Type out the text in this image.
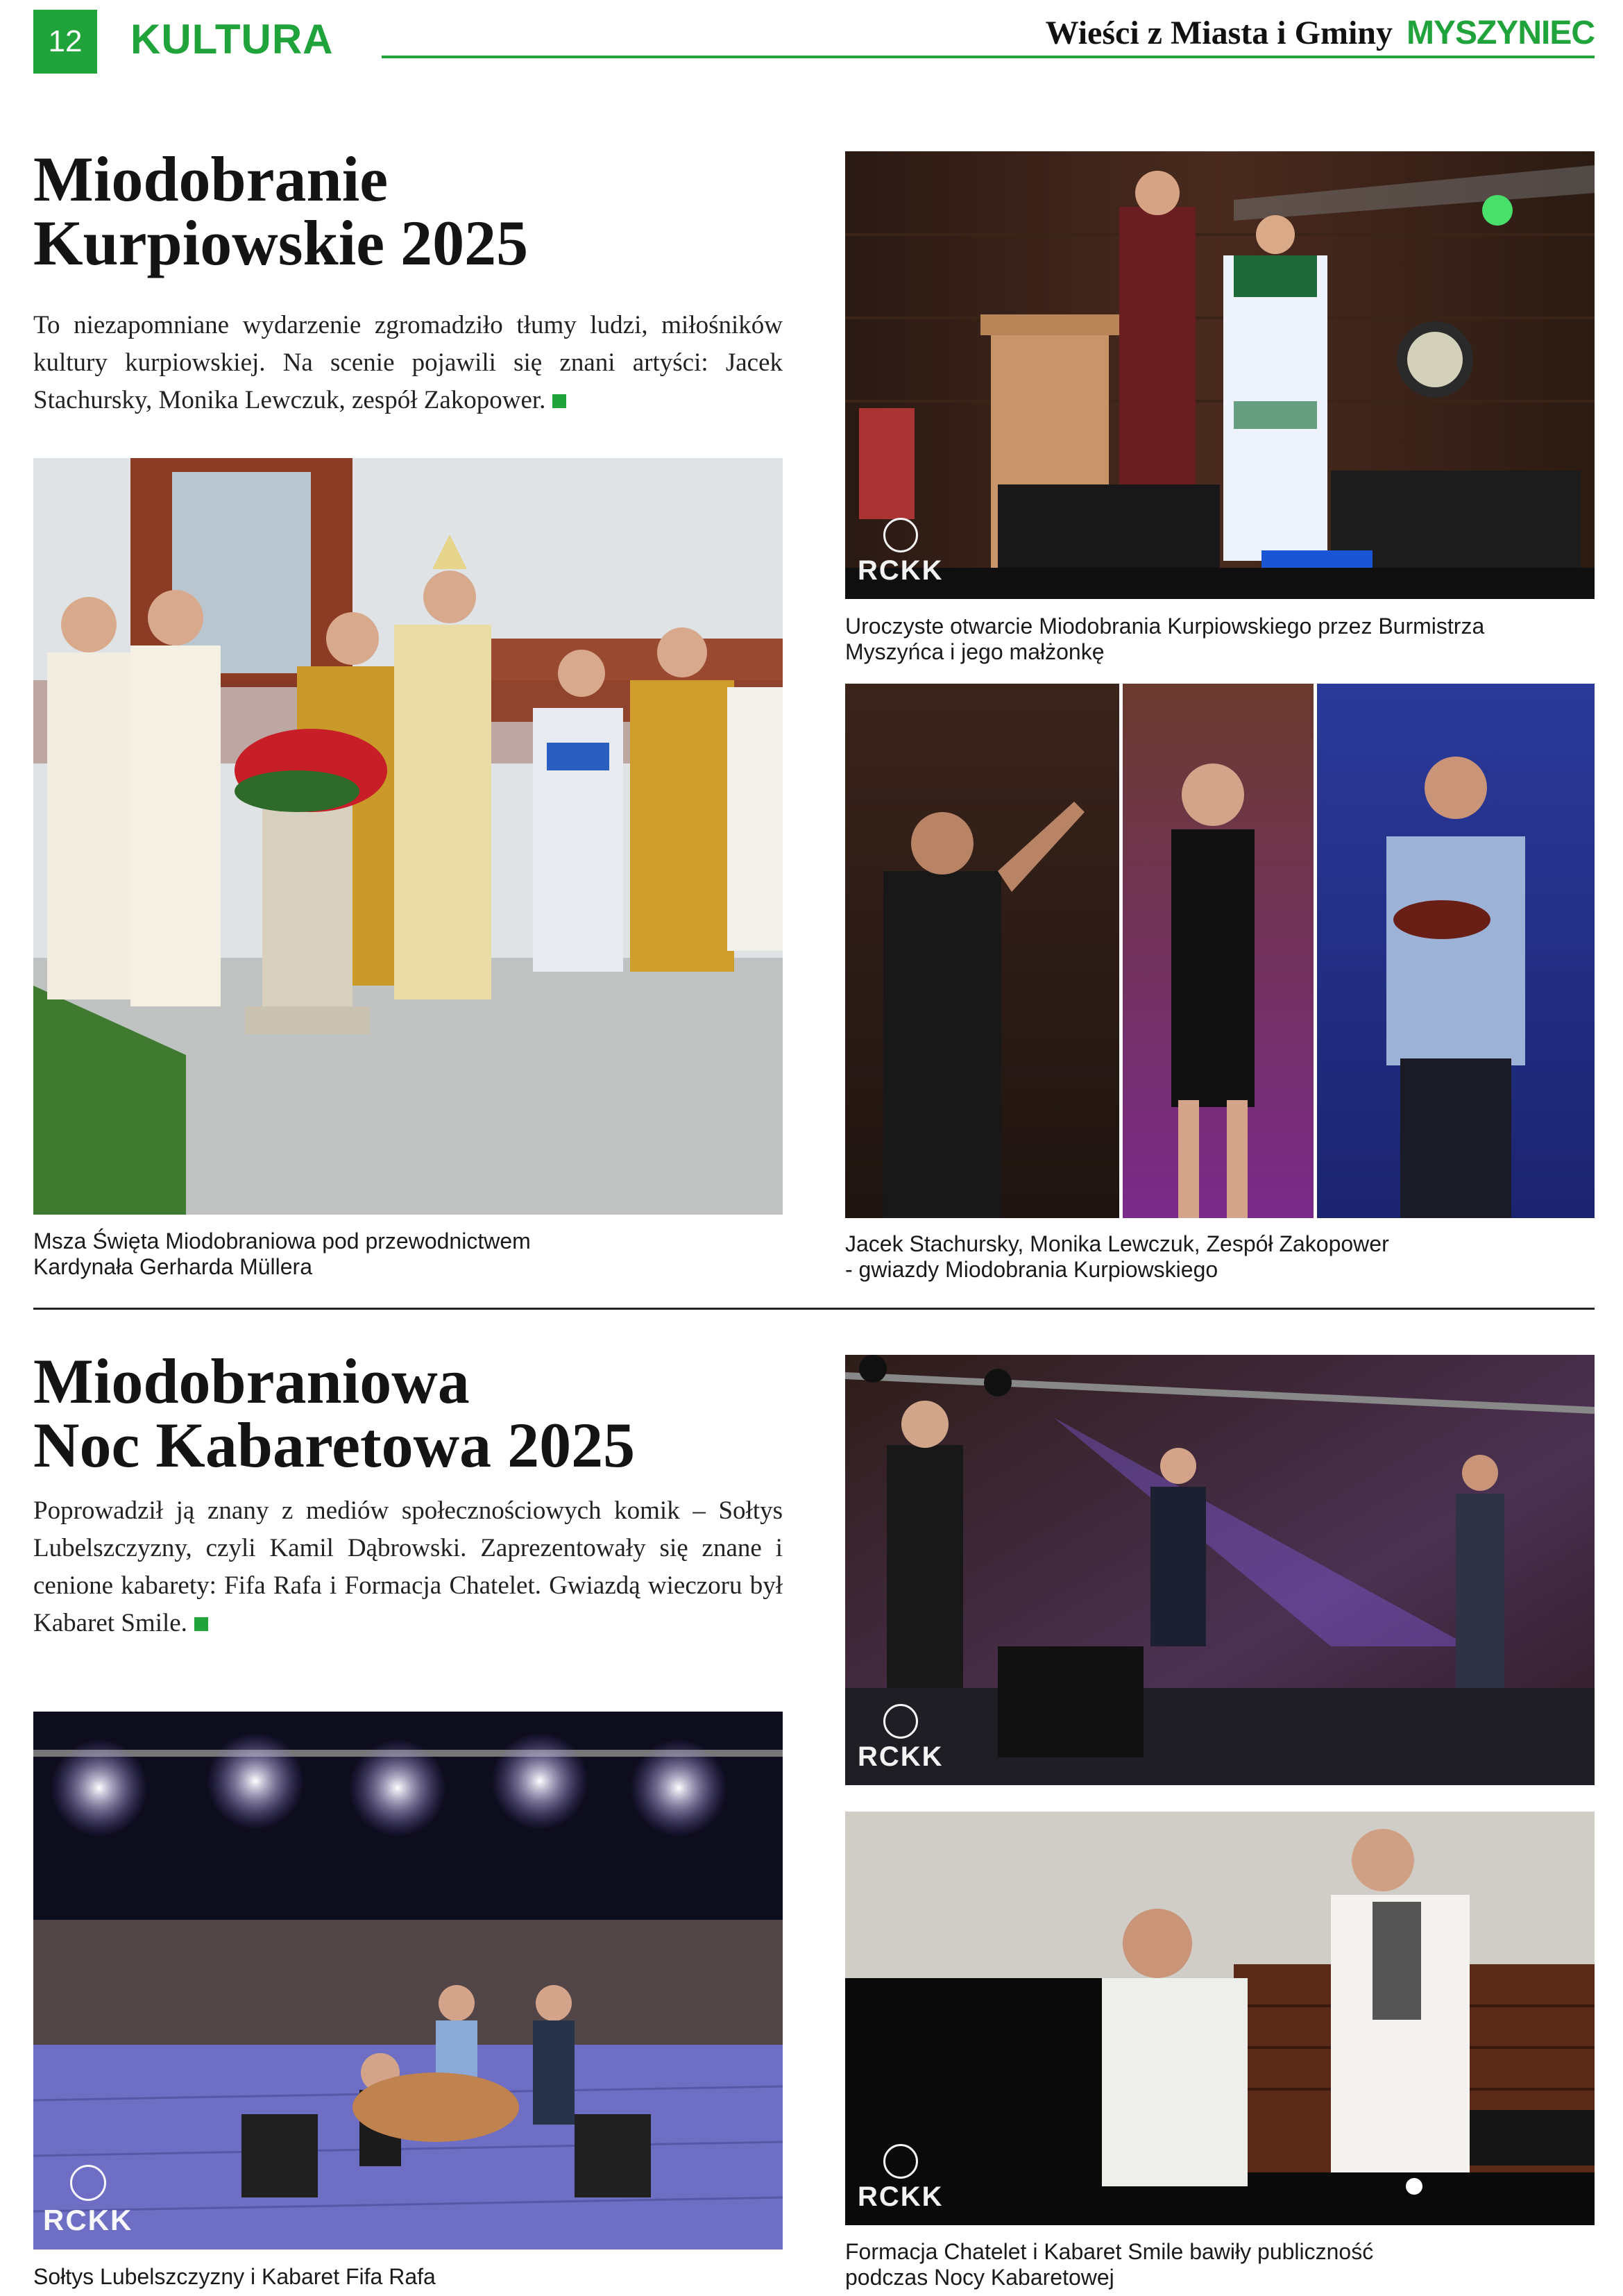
12	KULTURA	Wieści z Miasta i Gminy MYSZYNIEC
Miodobranie
Kurpiowskie 2025

To niezapomniane wydarzenie zgromadziło tłumy ludzi, miłośników kultury kurpiowskiej. Na scenie pojawili się znani artyści: Jacek Stachursky, Monika Lewczuk, zespół Zakopower.

RCKK

Uroczyste otwarcie Miodobrania Kurpiowskiego przez Burmistrza
Myszyńca i jego małżonkę

Msza Święta Miodobraniowa pod przewodnictwem
Kardynała Gerharda Müllera

Jacek Stachursky, Monika Lewczuk, Zespół Zakopower
- gwiazdy Miodobrania Kurpiowskiego

Miodobraniowa
Noc Kabaretowa 2025

Poprowadził ją znany z mediów społecznościowych komik – Sołtys Lubelszczyzny, czyli Kamil Dąbrowski. Zaprezentowały się znane i cenione kabarety: Fifa Rafa i Formacja Chatelet. Gwiazdą wieczoru był Kabaret Smile.

RCKK
RCKK

Sołtys Lubelszczyzny i Kabaret Fifa Rafa

RCKK

Formacja Chatelet i Kabaret Smile bawiły publiczność
podczas Nocy Kabaretowej
